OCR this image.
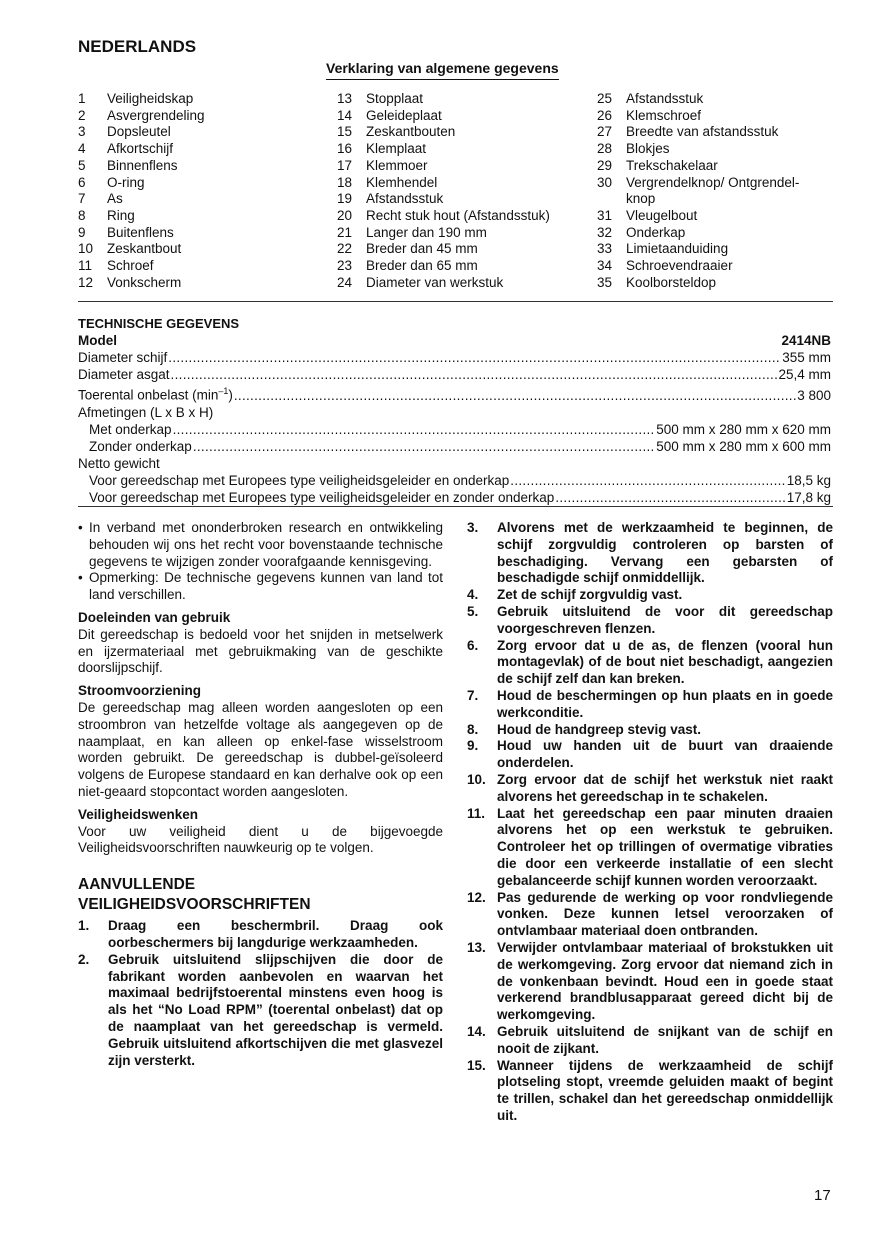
NEDERLANDS
Verklaring van algemene gegevens
1	Veiligheidskap
2	Asvergrendeling
3	Dopsleutel
4	Afkortschijf
5	Binnenflens
6	O-ring
7	As
8	Ring
9	Buitenflens
10	Zeskantbout
11	Schroef
12	Vonkscherm
13	Stopplaat
14	Geleideplaat
15	Zeskantbouten
16	Klemplaat
17	Klemmoer
18	Klemhendel
19	Afstandsstuk
20	Recht stuk hout (Afstandsstuk)
21	Langer dan 190 mm
22	Breder dan 45 mm
23	Breder dan 65 mm
24	Diameter van werkstuk
25	Afstandsstuk
26	Klemschroef
27	Breedte van afstandsstuk
28	Blokjes
29	Trekschakelaar
30	Vergrendelknop/ Ontgrendel-
knop
31	Vleugelbout
32	Onderkap
33	Limietaanduiding
34	Schroevendraaier
35	Koolborsteldop
TECHNISCHE GEGEVENS
Model	2414NB
Diameter schijf .....	355 mm
Diameter asgat .....	25,4 mm
Toerental onbelast $(\min^{-1})$ .....	3 800
Afmetingen (L x B x H)
Met onderkap .....	500 mm x 280 mm x 620 mm
Zonder onderkap .....	500 mm x 280 mm x 600 mm
Netto gewicht
Voor gereedschap met Europees type veiligheidsgeleider en onderkap .....	18,5 kg
Voor gereedschap met Europees type veiligheidsgeleider en zonder onderkap .....	17,8 kg
• In verband met ononderbroken research en ontwikkeling behouden wij ons het recht voor bovenstaande technische gegevens te wijzigen zonder voorafgaande kennisgeving.
• Opmerking: De technische gegevens kunnen van land tot land verschillen.
Doeleinden van gebruik

Dit gereedschap is bedoeld voor het snijden in metselwerk en ijzermateriaal met gebruikmaking van de geschikte doorslijpschijf.

Stroomvoorziening

De gereedschap mag alleen worden aangesloten op een stroombron van hetzelfde voltage als aangegeven op de naamplaat, en kan alleen op enkel-fase wisselstroom worden gebruikt. De gereedschap is dubbel-geïsoleerd volgens de Europese standaard en kan derhalve ook op een niet-geaard stopcontact worden aangesloten.

Veiligheidswenken

Voor uw veiligheid dient u de bijgevoegde Veiligheidsvoorschriften nauwkeurig op te volgen.

AANVULLENDE
VEILIGHEIDSVOORSCHRIFTEN
1.	Draag een beschermbril. Draag ook oorbeschermers bij langdurige werkzaamheden.
2.	Gebruik uitsluitend slijpschijven die door de fabrikant worden aanbevolen en waarvan het maximaal bedrijfstoerental minstens even hoog is als het “No Load RPM” (toerental onbelast) dat op de naamplaat van het gereedschap is vermeld. Gebruik uitsluitend afkortschijven die met glasvezel zijn versterkt.
3.	Alvorens met de werkzaamheid te beginnen, de schijf zorgvuldig controleren op barsten of beschadiging. Vervang een gebarsten of beschadigde schijf onmiddellijk.
4.	Zet de schijf zorgvuldig vast.
5.	Gebruik uitsluitend de voor dit gereedschap voorgeschreven flenzen.
6.	Zorg ervoor dat u de as, de flenzen (vooral hun montagevlak) of de bout niet beschadigt, aangezien de schijf zelf dan kan breken.
7.	Houd de beschermingen op hun plaats en in goede werkconditie.
8.	Houd de handgreep stevig vast.
9.	Houd uw handen uit de buurt van draaiende onderdelen.
10. Zorg ervoor dat de schijf het werkstuk niet raakt alvorens het gereedschap in te schakelen.
11. Laat het gereedschap een paar minuten draaien alvorens het op een werkstuk te gebruiken. Controleer het op trillingen of overmatige vibraties die door een verkeerde installatie of een slecht gebalanceerde schijf kunnen worden veroorzaakt.
12. Pas gedurende de werking op voor rondvliegende vonken. Deze kunnen letsel veroorzaken of ontvlambaar materiaal doen ontbranden.
13. Verwijder ontvlambaar materiaal of brokstukken uit de werkomgeving. Zorg ervoor dat niemand zich in de vonkenbaan bevindt. Houd een in goede staat verkerend brandblusapparaat gereed dicht bij de werkomgeving.
14. Gebruik uitsluitend de snijkant van de schijf en nooit de zijkant.
15. Wanneer tijdens de werkzaamheid de schijf plotseling stopt, vreemde geluiden maakt of begint te trillen, schakel dan het gereedschap onmiddellijk uit.
17
